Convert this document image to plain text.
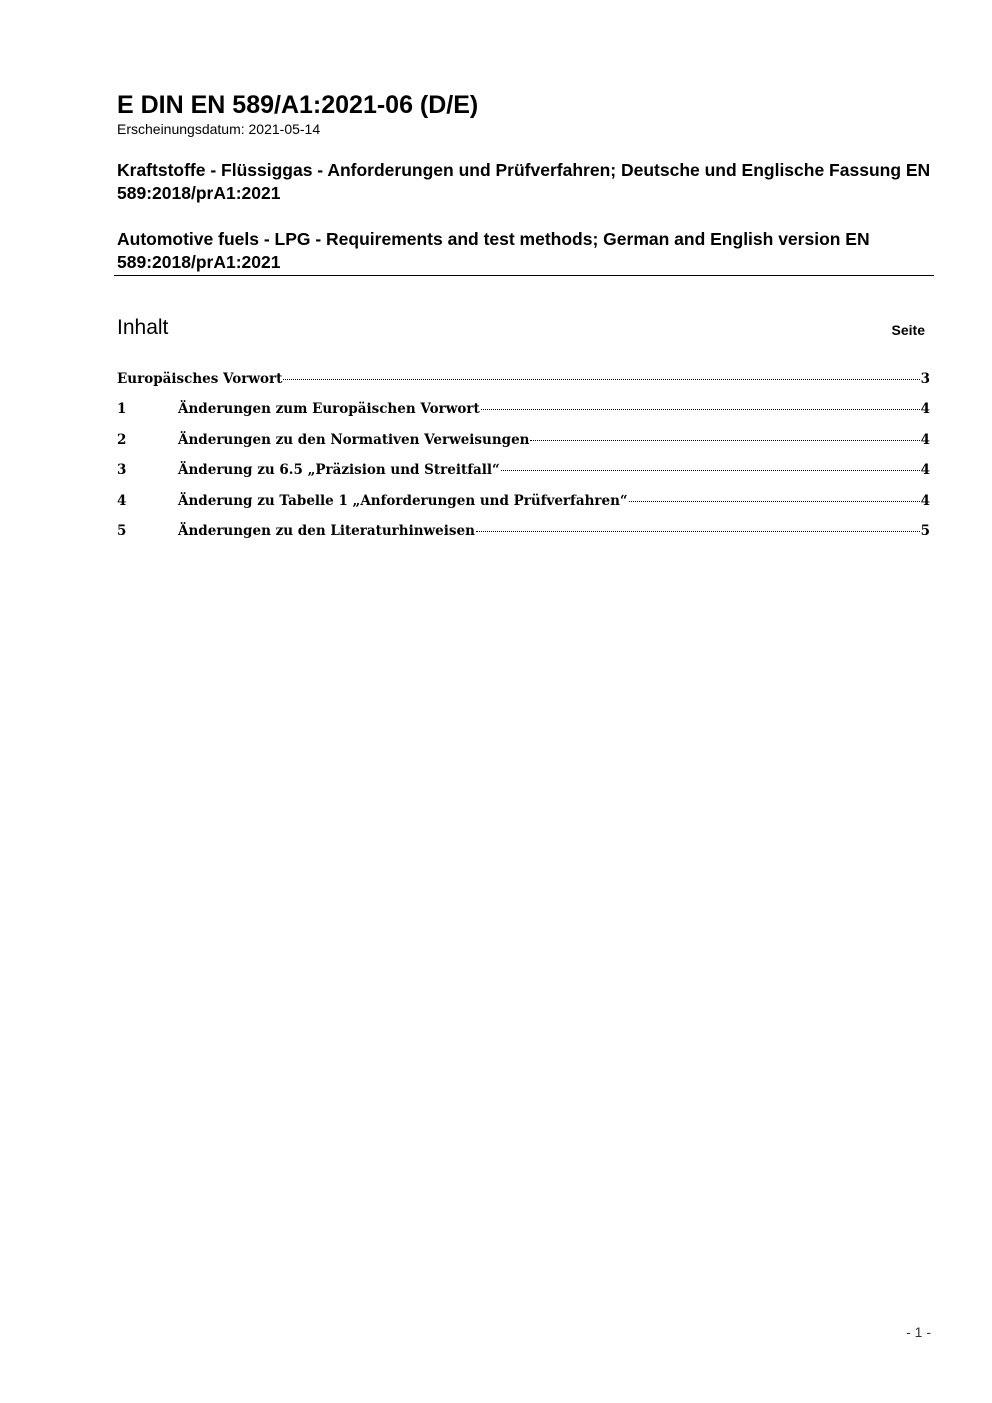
E DIN EN 589/A1:2021-06 (D/E)
Erscheinungsdatum: 2021-05-14
Kraftstoffe - Flüssiggas - Anforderungen und Prüfverfahren; Deutsche und Englische Fassung EN 589:2018/prA1:2021
Automotive fuels - LPG - Requirements and test methods; German and English version EN 589:2018/prA1:2021
Inhalt	Seite
Europäisches Vorwort	3
1	Änderungen zum Europäischen Vorwort	4
2	Änderungen zu den Normativen Verweisungen	4
3	Änderung zu 6.5 „Präzision und Streitfall“	4
4	Änderung zu Tabelle 1 „Anforderungen und Prüfverfahren“	4
5	Änderungen zu den Literaturhinweisen	5
- 1 -
